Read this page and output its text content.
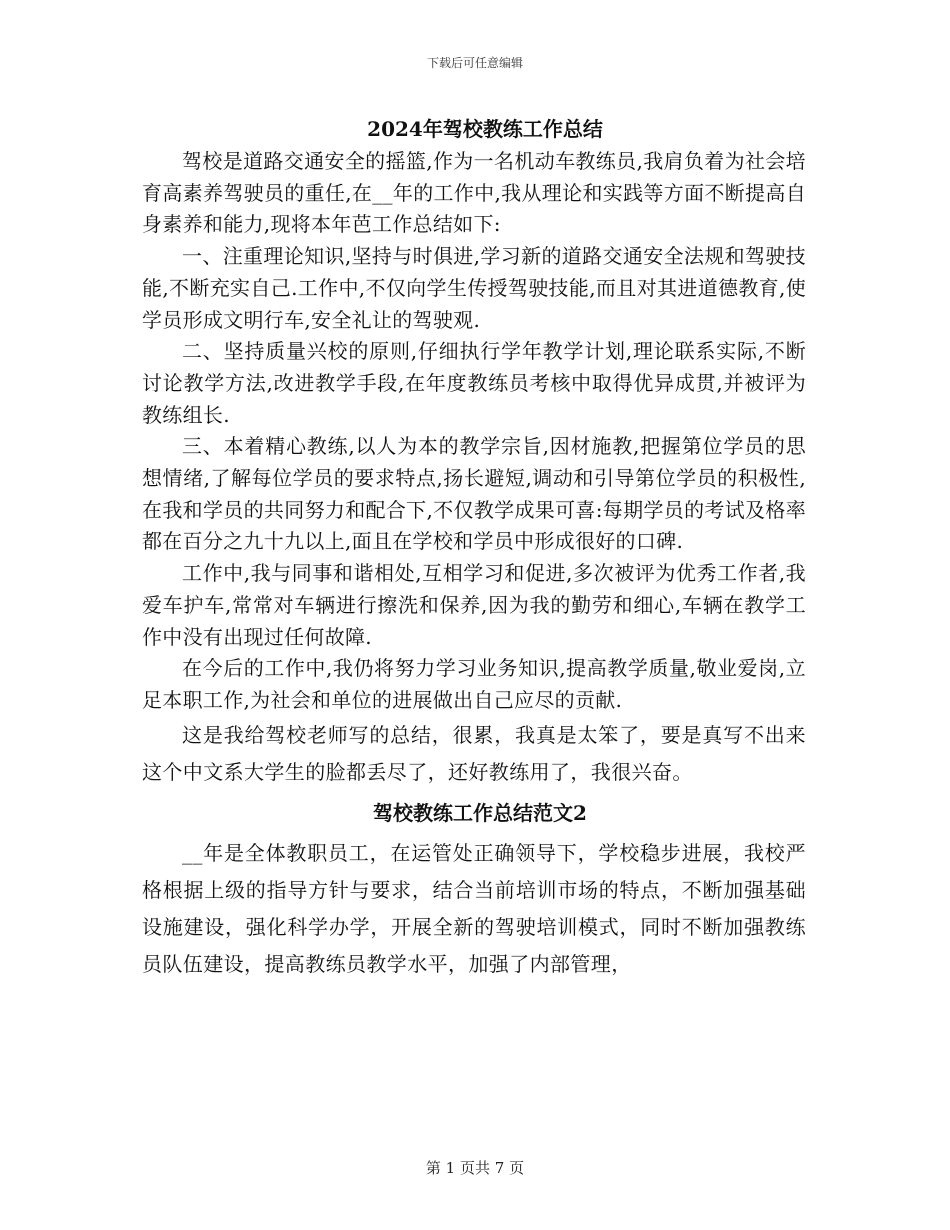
下载后可任意编辑
2024年驾校教练工作总结

驾校是道路交通安全的摇篮,作为一名机动车教练员,我肩负着为社会培育高素养驾驶员的重任,在__年的工作中,我从理论和实践等方面不断提高自身素养和能力,现将本年芭工作总结如下:

一、注重理论知识,坚持与时俱进,学习新的道路交通安全法规和驾驶技能,不断充实自己.工作中,不仅向学生传授驾驶技能,而且对其进道德教育,使学员形成文明行车,安全礼让的驾驶观.

二、坚持质量兴校的原则,仔细执行学年教学计划,理论联系实际,不断讨论教学方法,改进教学手段,在年度教练员考核中取得优异成贯,并被评为教练组长.

三、本着精心教练,以人为本的教学宗旨,因材施教,把握第位学员的思想情绪,了解每位学员的要求特点,扬长避短,调动和引导第位学员的积极性,在我和学员的共同努力和配合下,不仅教学成果可喜:每期学员的考试及格率都在百分之九十九以上,面且在学校和学员中形成很好的口碑.

工作中,我与同事和谐相处,互相学习和促进,多次被评为优秀工作者,我爱车护车,常常对车辆进行擦洗和保养,因为我的勤劳和细心,车辆在教学工作中没有出现过任何故障.

在今后的工作中,我仍将努力学习业务知识,提高教学质量,敬业爱岗,立足本职工作,为社会和单位的进展做出自己应尽的贡献.

这是我给驾校老师写的总结，很累，我真是太笨了，要是真写不出来这个中文系大学生的脸都丢尽了，还好教练用了，我很兴奋。

驾校教练工作总结范文2

__年是全体教职员工，在运管处正确领导下，学校稳步进展，我校严格根据上级的指导方针与要求，结合当前培训市场的特点，不断加强基础设施建设，强化科学办学，开展全新的驾驶培训模式，同时不断加强教练员队伍建设，提高教练员教学水平，加强了内部管理，

第 1 页共 7 页
